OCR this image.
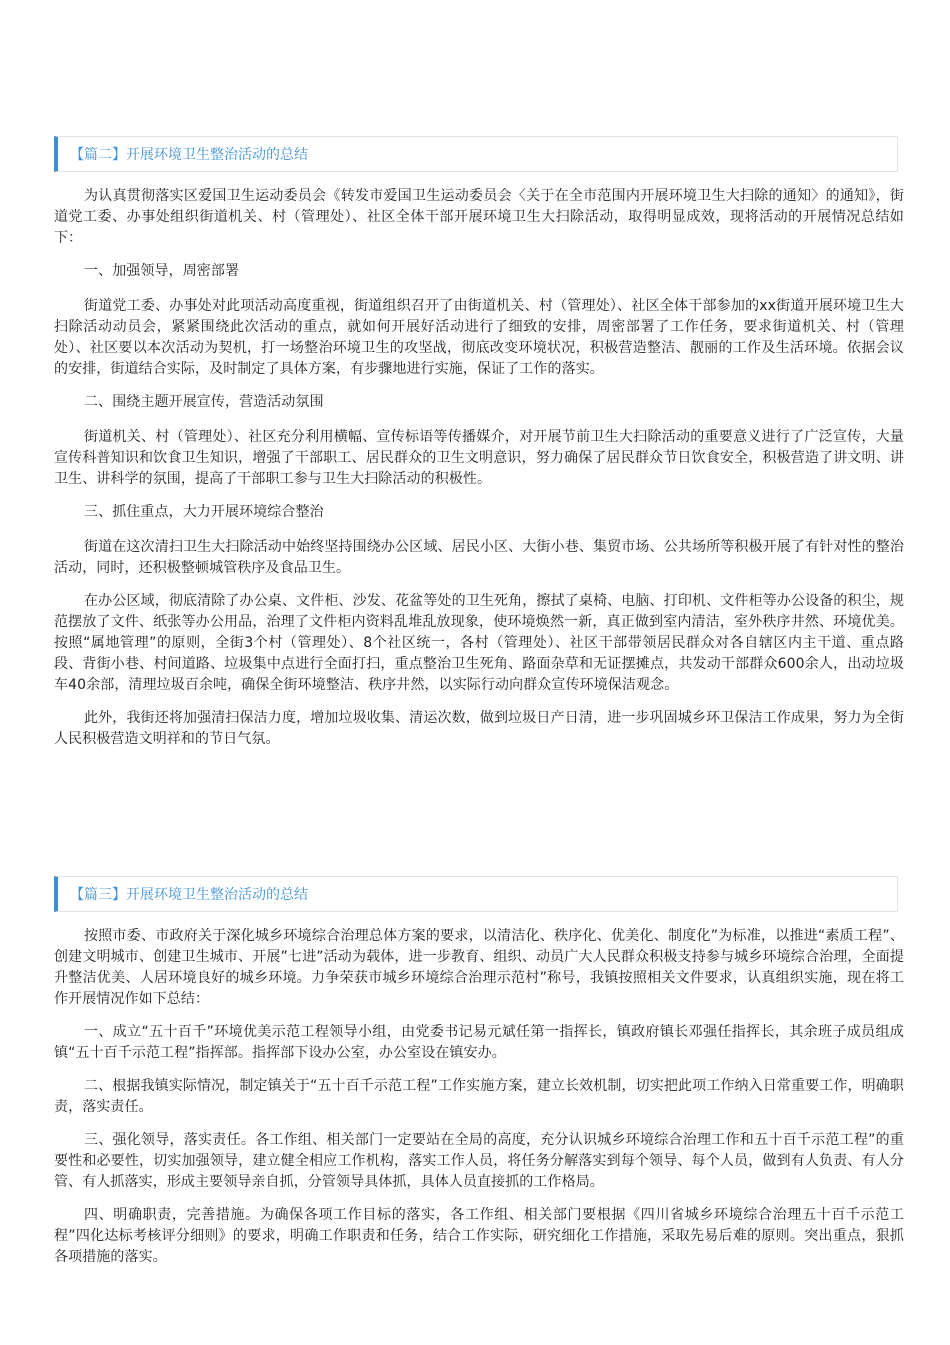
【篇二】开展环境卫生整治活动的总结

为认真贯彻落实区爱国卫生运动委员会《转发市爱国卫生运动委员会〈关于在全市范围内开展环境卫生大扫除的通知〉的通知》，街道党工委、办事处组织街道机关、村（管理处）、社区全体干部开展环境卫生大扫除活动，取得明显成效，现将活动的开展情况总结如下：

一、加强领导，周密部署

街道党工委、办事处对此项活动高度重视，街道组织召开了由街道机关、村（管理处）、社区全体干部参加的xx街道开展环境卫生大扫除活动动员会，紧紧围绕此次活动的重点，就如何开展好活动进行了细致的安排，周密部署了工作任务，要求街道机关、村（管理处）、社区要以本次活动为契机，打一场整治环境卫生的攻坚战，彻底改变环境状况，积极营造整洁、靓丽的工作及生活环境。依据会议的安排，街道结合实际，及时制定了具体方案，有步骤地进行实施，保证了工作的落实。

二、围绕主题开展宣传，营造活动氛围

街道机关、村（管理处）、社区充分利用横幅、宣传标语等传播媒介，对开展节前卫生大扫除活动的重要意义进行了广泛宣传，大量宣传科普知识和饮食卫生知识，增强了干部职工、居民群众的卫生文明意识，努力确保了居民群众节日饮食安全，积极营造了讲文明、讲卫生、讲科学的氛围，提高了干部职工参与卫生大扫除活动的积极性。

三、抓住重点，大力开展环境综合整治

街道在这次清扫卫生大扫除活动中始终坚持围绕办公区域、居民小区、大街小巷、集贸市场、公共场所等积极开展了有针对性的整治活动，同时，还积极整顿城管秩序及食品卫生。

在办公区域，彻底清除了办公桌、文件柜、沙发、花盆等处的卫生死角，擦拭了桌椅、电脑、打印机、文件柜等办公设备的积尘，规范摆放了文件、纸张等办公用品，治理了文件柜内资料乱堆乱放现象，使环境焕然一新，真正做到室内清洁，室外秩序井然、环境优美。按照“属地管理”的原则，全街3个村（管理处）、8个社区统一，各村（管理处）、社区干部带领居民群众对各自辖区内主干道、重点路段、背街小巷、村间道路、垃圾集中点进行全面打扫，重点整治卫生死角、路面杂草和无证摆摊点，共发动干部群众600余人，出动垃圾车40余部，清理垃圾百余吨，确保全街环境整洁、秩序井然，以实际行动向群众宣传环境保洁观念。

此外，我街还将加强清扫保洁力度，增加垃圾收集、清运次数，做到垃圾日产日清，进一步巩固城乡环卫保洁工作成果，努力为全街人民积极营造文明祥和的节日气氛。

【篇三】开展环境卫生整治活动的总结

按照市委、市政府关于深化城乡环境综合治理总体方案的要求，以清洁化、秩序化、优美化、制度化”为标准，以推进“素质工程”、创建文明城市、创建卫生城市、开展”七进”活动为载体，进一步教育、组织、动员广大人民群众积极支持参与城乡环境综合治理，全面提升整洁优美、人居环境良好的城乡环境。力争荣获市城乡环境综合治理示范村”称号，我镇按照相关文件要求，认真组织实施，现在将工作开展情况作如下总结：

一、成立“五十百千”环境优美示范工程领导小组，由党委书记易元斌任第一指挥长，镇政府镇长邓强任指挥长，其余班子成员组成镇“五十百千示范工程”指挥部。指挥部下设办公室，办公室设在镇安办。

二、根据我镇实际情况，制定镇关于“五十百千示范工程”工作实施方案，建立长效机制，切实把此项工作纳入日常重要工作，明确职责，落实责任。

三、强化领导，落实责任。各工作组、相关部门一定要站在全局的高度，充分认识城乡环境综合治理工作和五十百千示范工程”的重要性和必要性，切实加强领导，建立健全相应工作机构，落实工作人员，将任务分解落实到每个领导、每个人员，做到有人负责、有人分管、有人抓落实，形成主要领导亲自抓，分管领导具体抓，具体人员直接抓的工作格局。

四、明确职责，完善措施。为确保各项工作目标的落实，各工作组、相关部门要根据《四川省城乡环境综合治理五十百千示范工程”四化达标考核评分细则》的要求，明确工作职责和任务，结合工作实际，研究细化工作措施，采取先易后难的原则。突出重点，狠抓各项措施的落实。
